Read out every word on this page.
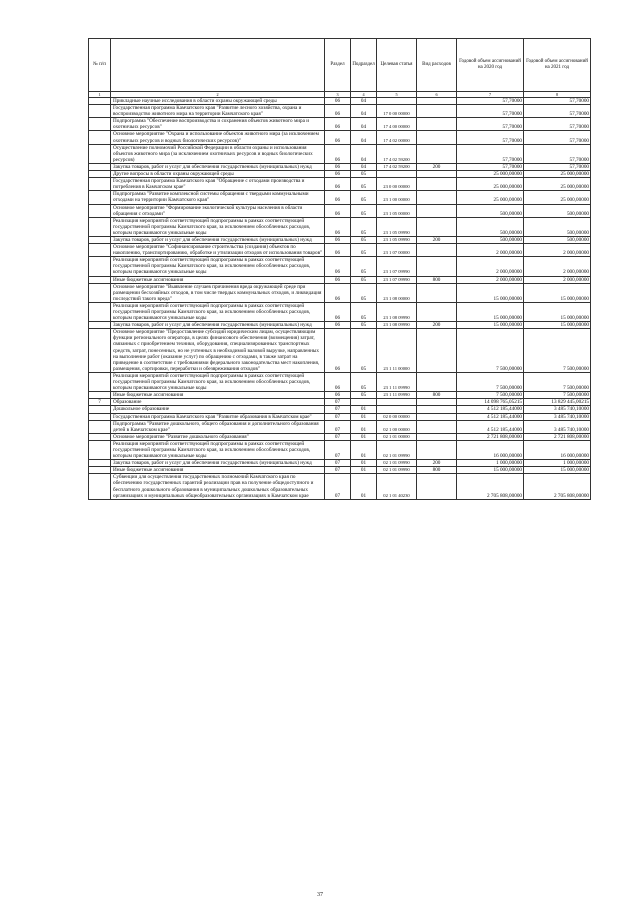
№ п/п		Раздел	Подраздел	Целевая статья	Вид расходов	Годовой объем ассигнований на 2020 год	Годовой объем ассигнований на 2021 год
1	2	3	4	5	6	7	8
	Прикладные научные исследования в области охраны окружающей среды	06	04			57,70000	57,70000
	Государственная программа Камчатского края "Развитие лесного хозяйства, охрана и воспроизводство животного мира на территории Камчатского края"	06	04	17 0 00 00000		57,70000	57,70000
	Подпрограмма "Обеспечение воспроизводства и сохранения объектов животного мира и охотничьих ресурсов"	06	04	17 4 00 00000		57,70000	57,70000
	Основное мероприятие "Охрана и использование объектов животного мира (за исключением охотничьих ресурсов и водных биологических ресурсов)"	06	04	17 4 02 00000		57,70000	57,70000
	Осуществление полномочий Российской Федерации в области охраны и использования объектов животного мира (за исключением охотничьих ресурсов и водных биологических ресурсов)	06	04	17 4 02 59200		57,70000	57,70000
	Закупка товаров, работ и услуг для обеспечения государственных (муниципальных) нужд	06	04	17 4 02 59200	200	57,70000	57,70000
	Другие вопросы в области охраны окружающей среды	06	05			25 000,00000	25 000,00000
	Государственная программа Камчатского края "Обращение с отходами производства и потребления в Камчатском крае"	06	05	23 0 00 00000		25 000,00000	25 000,00000
	Подпрограмма "Развитие комплексной системы обращения с твердыми коммунальными отходами на территории Камчатского края"	06	05	23 1 00 00000		25 000,00000	25 000,00000
	Основное мероприятие "Формирование экологической культуры населения в области обращения с отходами"	06	05	23 1 05 00000		500,00000	500,00000
	Реализация мероприятий соответствующей подпрограммы в рамках соответствующей государственной программы Камчатского края, за исключением обособленных расходов, которым присваиваются уникальные коды	06	05	23 1 05 09990		500,00000	500,00000
	Закупка товаров, работ и услуг для обеспечения государственных (муниципальных) нужд	06	05	23 1 05 09990	200	500,00000	500,00000
	Основное мероприятие "Софинансирование строительства (создания) объектов по накоплению, транспортированию, обработке и утилизации отходов от использования товаров"	06	05	23 1 07 00000		2 000,00000	2 000,00000
	Реализация мероприятий соответствующей подпрограммы в рамках соответствующей государственной программы Камчатского края, за исключением обособленных расходов, которым присваиваются уникальные коды	06	05	23 1 07 09990		2 000,00000	2 000,00000
	Иные бюджетные ассигнования	06	05	23 1 07 09990	800	2 000,00000	2 000,00000
	Основное мероприятие "Выявление случаев причинения вреда окружающей среде при размещении бесхозяйных отходов, в том числе твердых коммунальных отходов, и ликвидация последствий такого вреда"	06	05	23 1 08 00000		15 000,00000	15 000,00000
	Реализация мероприятий соответствующей подпрограммы в рамках соответствующей государственной программы Камчатского края, за исключением обособленных расходов, которым присваиваются уникальные коды	06	05	23 1 08 09990		15 000,00000	15 000,00000
	Закупка товаров, работ и услуг для обеспечения государственных (муниципальных) нужд	06	05	23 1 08 09990	200	15 000,00000	15 000,00000
	Основное мероприятие "Предоставление субсидий юридическим лицам, осуществляющим функции регионального оператора, в целях финансового обеспечения (возмещения) затрат, связанных с приобретением техники, оборудования, специализированных транспортных средств, затрат, понесенных, но не учтенных в необходимой валовой выручке, направленных на выполнение работ (оказание услуг) по обращению с отходами, в также затрат на приведение в соответствие с требованиями федерального законодательства мест накопления, размещения, сортировки, переработки и обезвреживания отходов"	06	05	23 1 11 00000		7 500,00000	7 500,00000
	Реализация мероприятий соответствующей подпрограммы в рамках соответствующей государственной программы Камчатского края, за исключением обособленных расходов, которым присваиваются уникальные коды	06	05	23 1 11 09990		7 500,00000	7 500,00000
	Иные бюджетные ассигнования	06	05	23 1 11 09990	800	7 500,00000	7 500,00000
7	Образование	07				14 098 765,05215	13 829 445,00215
	Дошкольное образование	07	01			4 512 185,44000	3 485 740,10000
	Государственная программа Камчатского края "Развитие образования в Камчатском крае"	07	01	02 0 00 00000		4 512 185,44000	3 485 740,10000
	Подпрограмма "Развитие дошкольного, общего образования и дополнительного образования детей в Камчатском крае"	07	01	02 1 00 00000		4 512 185,44000	3 485 740,10000
	Основное мероприятие "Развитие дошкольного образования"	07	01	02 1 01 00000		2 721 808,00000	2 721 808,00000
	Реализация мероприятий соответствующей подпрограммы в рамках соответствующей государственной программы Камчатского края, за исключением обособленных расходов, которым присваиваются уникальные коды	07	01	02 1 01 09990		16 000,00000	16 000,00000
	Закупка товаров, работ и услуг для обеспечения государственных (муниципальных) нужд	07	01	02 1 01 09990	200	1 000,00000	1 000,00000
	Иные бюджетные ассигнования	07	01	02 1 01 09990	800	15 000,00000	15 000,00000
	Субвенции для осуществления государственных полномочий Камчатского края по обеспечению государственных гарантий реализации прав на получение общедоступного и бесплатного дошкольного образования в муниципальных дошкольных образовательных организациях и муниципальных общеобразовательных организациях в Камчатском крае	07	01	02 1 01 40230		2 705 808,00000	2 705 808,00000
37
